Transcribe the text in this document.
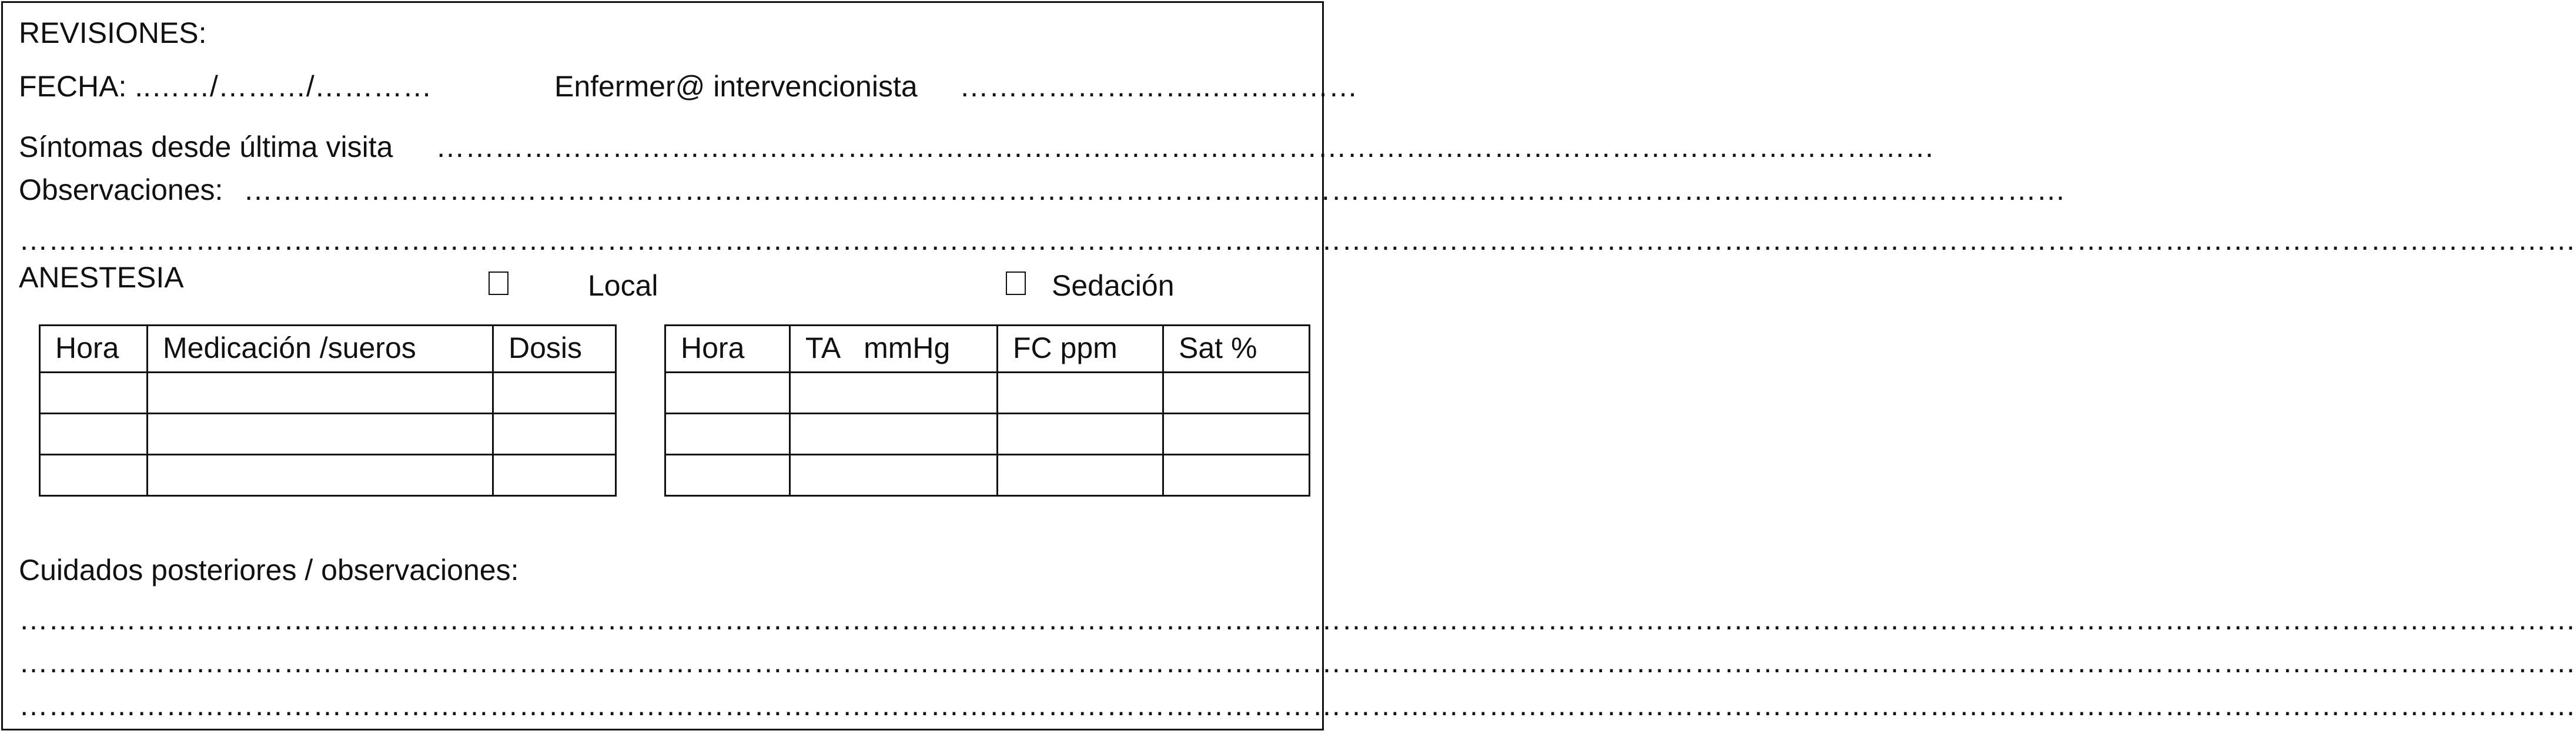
REVISIONES:
FECHA: ..……/………/…………	Enfermer@ intervencionista ……………………..……………
Síntomas desde última visita ………………………………………………………………………………………………………………………………………
Observaciones: ……………………………………………………………………………………………………………………………………………………………………
………………………………………………………………………………………………………………………………………………………………………………………………………………………………………
ANESTESIA	Local	Sedación
Hora	Medicación /sueros	Dosis

			Hora	TA   mmHg	FC ppm	Sat %

Cuidados posteriores / observaciones:
………………………………………………………………………………………………………………………………………………………………………………………………………………………………………
………………………………………………………………………………………………………………………………………………………………………………………………………………………………………
………………………………………………………………………………………………………………………………………………………………………………………………………………………………………
